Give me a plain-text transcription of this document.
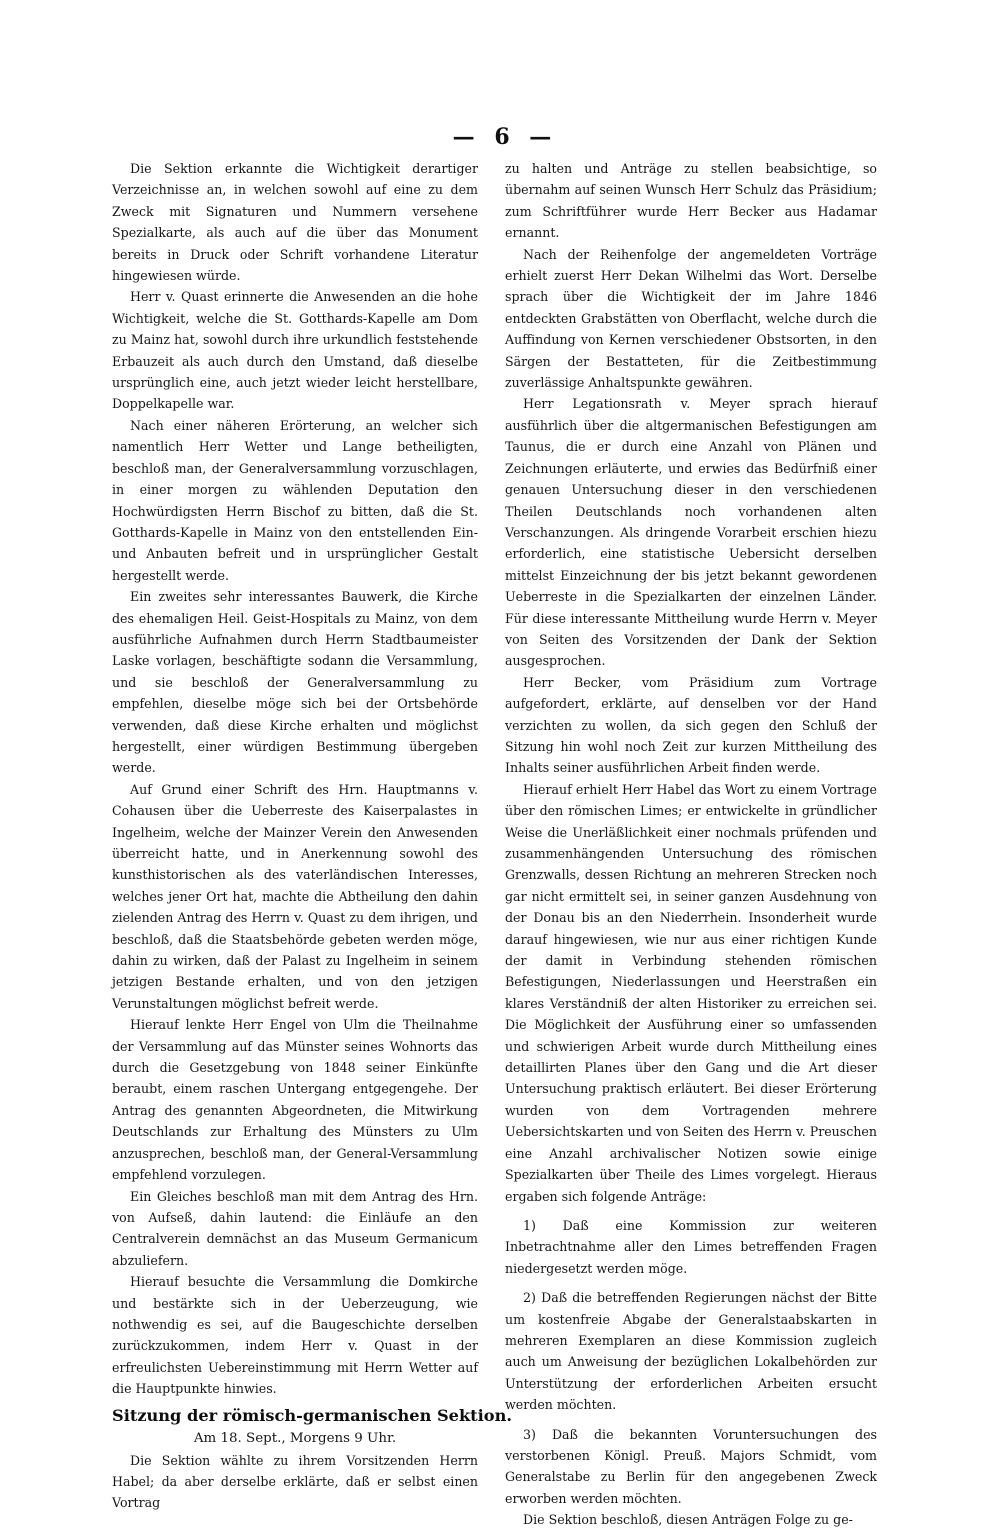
— 6 —

Die Sektion erkannte die Wichtigkeit derartiger Verzeichnisse an, in welchen sowohl auf eine zu dem Zweck mit Signaturen und Nummern versehene Spezialkarte, als auch auf die über das Monument bereits in Druck oder Schrift vorhandene Literatur hingewiesen würde.

Herr v. Quast erinnerte die Anwesenden an die hohe Wichtigkeit, welche die St. Gotthards-Kapelle am Dom zu Mainz hat, sowohl durch ihre urkundlich feststehende Erbauzeit als auch durch den Umstand, daß dieselbe ursprünglich eine, auch jetzt wieder leicht herstellbare, Doppelkapelle war.

Nach einer näheren Erörterung, an welcher sich namentlich Herr Wetter und Lange betheiligten, beschloß man, der Generalversammlung vorzuschlagen, in einer morgen zu wählenden Deputation den Hochwürdigsten Herrn Bischof zu bitten, daß die St. Gotthards-Kapelle in Mainz von den entstellenden Ein- und Anbauten befreit und in ursprünglicher Gestalt hergestellt werde.

Ein zweites sehr interessantes Bauwerk, die Kirche des ehemaligen Heil. Geist-Hospitals zu Mainz, von dem ausführliche Aufnahmen durch Herrn Stadtbaumeister Laske vorlagen, beschäftigte sodann die Versammlung, und sie beschloß der Generalversammlung zu empfehlen, dieselbe möge sich bei der Ortsbehörde verwenden, daß diese Kirche erhalten und möglichst hergestellt, einer würdigen Bestimmung übergeben werde.

Auf Grund einer Schrift des Hrn. Hauptmanns v. Cohausen über die Ueberreste des Kaiserpalastes in Ingelheim, welche der Mainzer Verein den Anwesenden überreicht hatte, und in Anerkennung sowohl des kunsthistorischen als des vaterländischen Interesses, welches jener Ort hat, machte die Abtheilung den dahin zielenden Antrag des Herrn v. Quast zu dem ihrigen, und beschloß, daß die Staatsbehörde gebeten werden möge, dahin zu wirken, daß der Palast zu Ingelheim in seinem jetzigen Bestande erhalten, und von den jetzigen Verunstaltungen möglichst befreit werde.

Hierauf lenkte Herr Engel von Ulm die Theilnahme der Versammlung auf das Münster seines Wohnorts das durch die Gesetzgebung von 1848 seiner Einkünfte beraubt, einem raschen Untergang entgegengehe. Der Antrag des genannten Abgeordneten, die Mitwirkung Deutschlands zur Erhaltung des Münsters zu Ulm anzusprechen, beschloß man, der General-Versammlung empfehlend vorzulegen.

Ein Gleiches beschloß man mit dem Antrag des Hrn. von Aufseß, dahin lautend: die Einläufe an den Centralverein demnächst an das Museum Germanicum abzuliefern.

Hierauf besuchte die Versammlung die Domkirche und bestärkte sich in der Ueberzeugung, wie nothwendig es sei, auf die Baugeschichte derselben zurückzukommen, indem Herr v. Quast in der erfreulichsten Uebereinstimmung mit Herrn Wetter auf die Hauptpunkte hinwies.

Sitzung der römisch-germanischen Sektion.

Am 18. Sept., Morgens 9 Uhr.

Die Sektion wählte zu ihrem Vorsitzenden Herrn Habel; da aber derselbe erklärte, daß er selbst einen Vortrag

zu halten und Anträge zu stellen beabsichtige, so übernahm auf seinen Wunsch Herr Schulz das Präsidium; zum Schriftführer wurde Herr Becker aus Hadamar ernannt.

Nach der Reihenfolge der angemeldeten Vorträge erhielt zuerst Herr Dekan Wilhelmi das Wort. Derselbe sprach über die Wichtigkeit der im Jahre 1846 entdeckten Grabstätten von Oberflacht, welche durch die Auffindung von Kernen verschiedener Obstsorten, in den Särgen der Bestatteten, für die Zeitbestimmung zuverlässige Anhaltspunkte gewähren.

Herr Legationsrath v. Meyer sprach hierauf ausführlich über die altgermanischen Befestigungen am Taunus, die er durch eine Anzahl von Plänen und Zeichnungen erläuterte, und erwies das Bedürfniß einer genauen Untersuchung dieser in den verschiedenen Theilen Deutschlands noch vorhandenen alten Verschanzungen. Als dringende Vorarbeit erschien hiezu erforderlich, eine statistische Uebersicht derselben mittelst Einzeichnung der bis jetzt bekannt gewordenen Ueberreste in die Spezialkarten der einzelnen Länder. Für diese interessante Mittheilung wurde Herrn v. Meyer von Seiten des Vorsitzenden der Dank der Sektion ausgesprochen.

Herr Becker, vom Präsidium zum Vortrage aufgefordert, erklärte, auf denselben vor der Hand verzichten zu wollen, da sich gegen den Schluß der Sitzung hin wohl noch Zeit zur kurzen Mittheilung des Inhalts seiner ausführlichen Arbeit finden werde.

Hierauf erhielt Herr Habel das Wort zu einem Vortrage über den römischen Limes; er entwickelte in gründlicher Weise die Unerläßlichkeit einer nochmals prüfenden und zusammenhängenden Untersuchung des römischen Grenzwalls, dessen Richtung an mehreren Strecken noch gar nicht ermittelt sei, in seiner ganzen Ausdehnung von der Donau bis an den Niederrhein. Insonderheit wurde darauf hingewiesen, wie nur aus einer richtigen Kunde der damit in Verbindung stehenden römischen Befestigungen, Niederlassungen und Heerstraßen ein klares Verständniß der alten Historiker zu erreichen sei. Die Möglichkeit der Ausführung einer so umfassenden und schwierigen Arbeit wurde durch Mittheilung eines detaillirten Planes über den Gang und die Art dieser Untersuchung praktisch erläutert. Bei dieser Erörterung wurden von dem Vortragenden mehrere Uebersichtskarten und von Seiten des Herrn v. Preuschen eine Anzahl archivalischer Notizen sowie einige Spezialkarten über Theile des Limes vorgelegt. Hieraus ergaben sich folgende Anträge:

1) Daß eine Kommission zur weiteren Inbetrachtnahme aller den Limes betreffenden Fragen niedergesetzt werden möge.

2) Daß die betreffenden Regierungen nächst der Bitte um kostenfreie Abgabe der Generalstaabskarten in mehreren Exemplaren an diese Kommission zugleich auch um Anweisung der bezüglichen Lokalbehörden zur Unterstützung der erforderlichen Arbeiten ersucht werden möchten.

3) Daß die bekannten Voruntersuchungen des verstorbenen Königl. Preuß. Majors Schmidt, vom Generalstabe zu Berlin für den angegebenen Zweck erworben werden möchten.

Die Sektion beschloß, diesen Anträgen Folge zu ge-
